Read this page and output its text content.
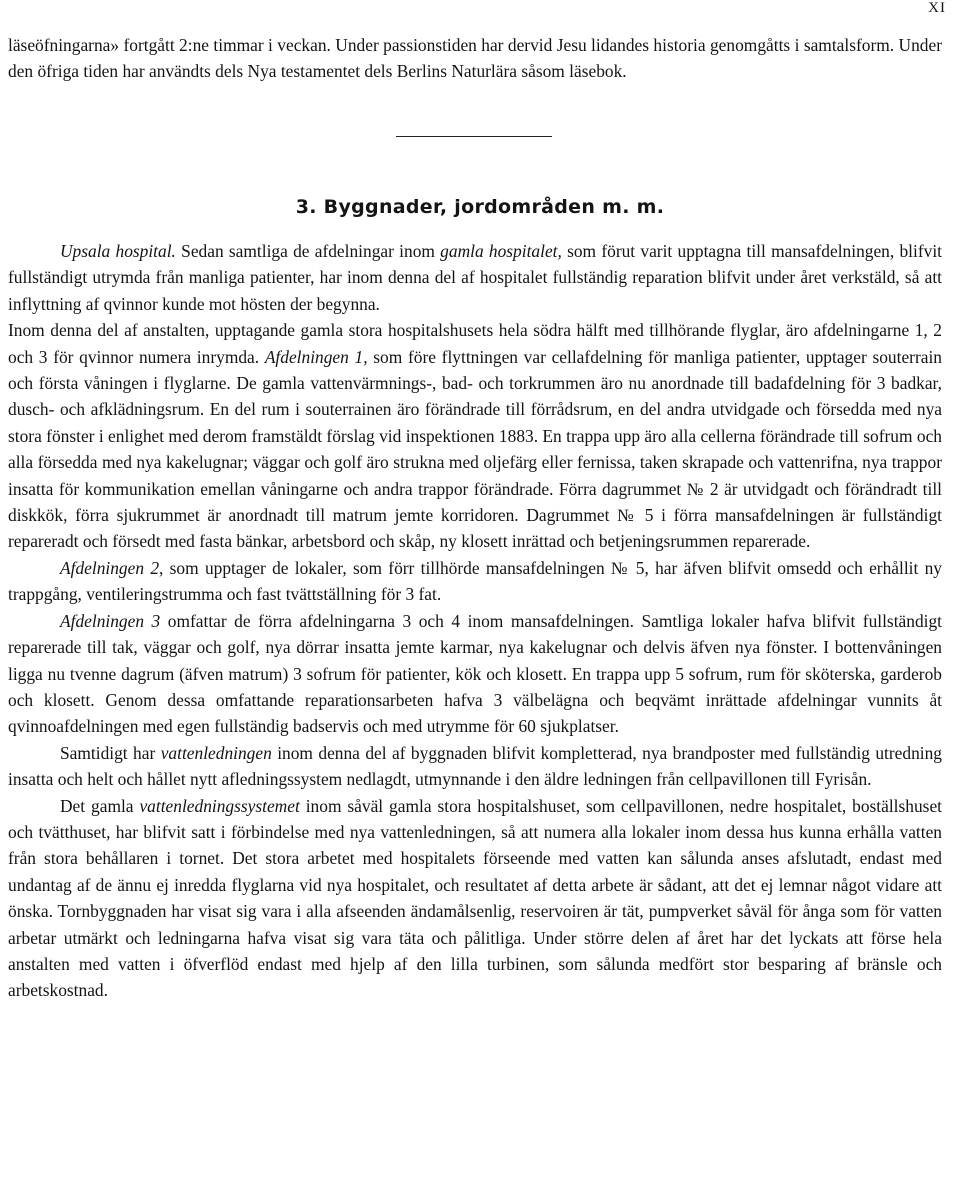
XI

läseöfningarna» fortgått 2:ne timmar i veckan. Under passionstiden har dervid Jesu lidandes historia genomgåtts i samtalsform. Under den öfriga tiden har användts dels Nya testamentet dels Berlins Naturlära såsom läsebok.

3. Byggnader, jordområden m. m.

Upsala hospital. Sedan samtliga de afdelningar inom gamla hospitalet, som förut varit upptagna till mansafdelningen, blifvit fullständigt utrymda från manliga patienter, har inom denna del af hospitalet fullständig reparation blifvit under året verkstäld, så att inflyttning af qvinnor kunde mot hösten der begynna.

Inom denna del af anstalten, upptagande gamla stora hospitalshusets hela södra hälft med tillhörande flyglar, äro afdelningarne 1, 2 och 3 för qvinnor numera inrymda. Afdelningen 1, som före flyttningen var cellafdelning för manliga patienter, upptager souterrain och första våningen i flyglarne. De gamla vattenvärmnings-, bad- och torkrummen äro nu anordnade till badafdelning för 3 badkar, dusch- och afklädningsrum. En del rum i souterrainen äro förändrade till förrådsrum, en del andra utvidgade och försedda med nya stora fönster i enlighet med derom framstäldt förslag vid inspektionen 1883. En trappa upp äro alla cellerna förändrade till sofrum och alla försedda med nya kakelugnar; väggar och golf äro strukna med oljefärg eller fernissa, taken skrapade och vattenrifna, nya trappor insatta för kommunikation emellan våningarne och andra trappor förändrade. Förra dagrummet № 2 är utvidgadt och förändradt till diskkök, förra sjukrummet är anordnadt till matrum jemte korridoren. Dagrummet № 5 i förra mansafdelningen är fullständigt repareradt och försedt med fasta bänkar, arbetsbord och skåp, ny klosett inrättad och betjeningsrummen reparerade.

Afdelningen 2, som upptager de lokaler, som förr tillhörde mansafdelningen № 5, har äfven blifvit omsedd och erhållit ny trappgång, ventileringstrumma och fast tvättställning för 3 fat.

Afdelningen 3 omfattar de förra afdelningarna 3 och 4 inom mansafdelningen. Samtliga lokaler hafva blifvit fullständigt reparerade till tak, väggar och golf, nya dörrar insatta jemte karmar, nya kakelugnar och delvis äfven nya fönster. I bottenvåningen ligga nu tvenne dagrum (äfven matrum) 3 sofrum för patienter, kök och klosett. En trappa upp 5 sofrum, rum för sköterska, garderob och klosett. Genom dessa omfattande reparationsarbeten hafva 3 välbelägna och beqvämt inrättade afdelningar vunnits åt qvinnoafdelningen med egen fullständig badservis och med utrymme för 60 sjukplatser.

Samtidigt har vattenledningen inom denna del af byggnaden blifvit kompletterad, nya brandposter med fullständig utredning insatta och helt och hållet nytt afledningssystem nedlagdt, utmynnande i den äldre ledningen från cellpavillonen till Fyrisån.

Det gamla vattenledningssystemet inom såväl gamla stora hospitalshuset, som cellpavillonen, nedre hospitalet, boställshuset och tvätthuset, har blifvit satt i förbindelse med nya vattenledningen, så att numera alla lokaler inom dessa hus kunna erhålla vatten från stora behållaren i tornet. Det stora arbetet med hospitalets förseende med vatten kan sålunda anses afslutadt, endast med undantag af de ännu ej inredda flyglarna vid nya hospitalet, och resultatet af detta arbete är sådant, att det ej lemnar något vidare att önska. Tornbyggnaden har visat sig vara i alla afseenden ändamålsenlig, reservoiren är tät, pumpverket såväl för ånga som för vatten arbetar utmärkt och ledningarna hafva visat sig vara täta och pålitliga. Under större delen af året har det lyckats att förse hela anstalten med vatten i öfverflöd endast med hjelp af den lilla turbinen, som sålunda medfört stor besparing af bränsle och arbetskostnad.
